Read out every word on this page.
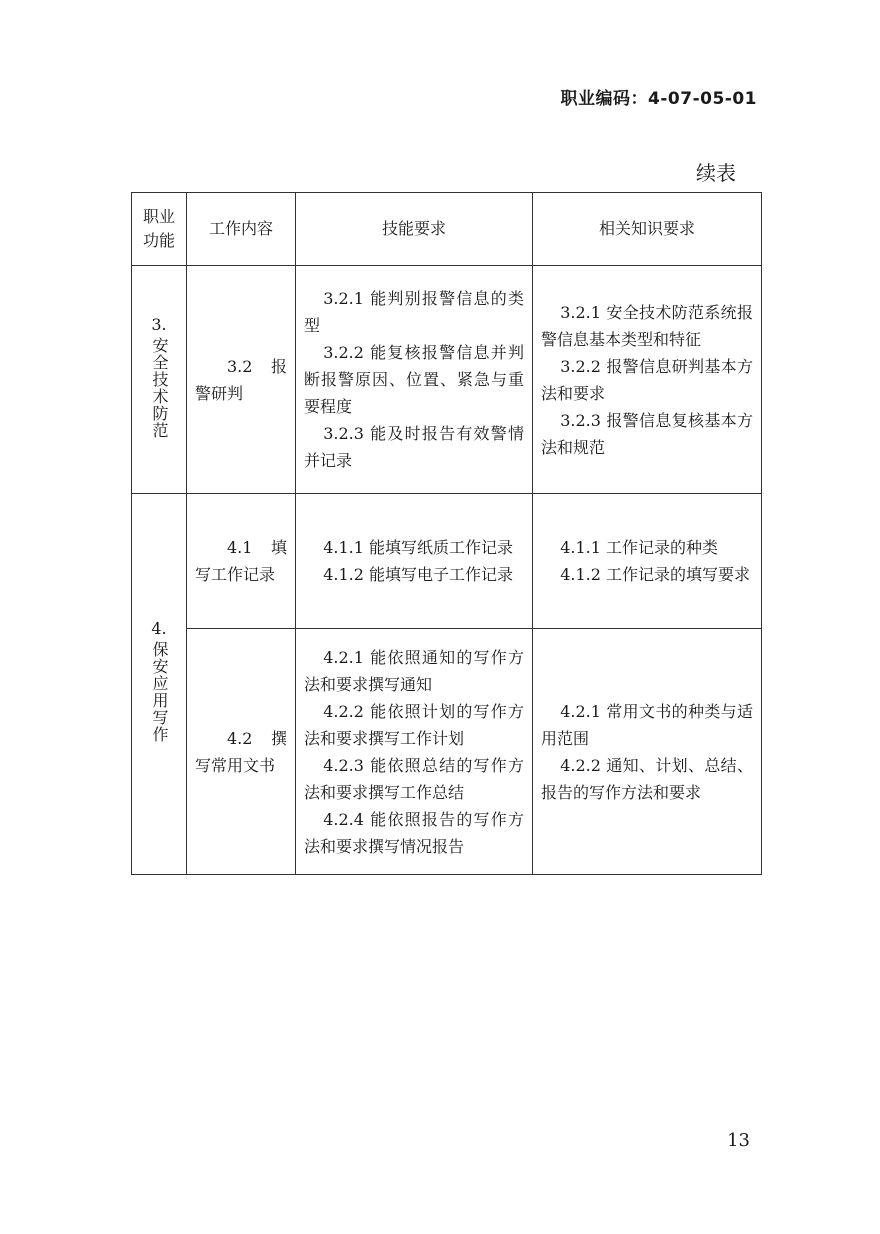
职业编码：4-07-05-01
续表
职业
功能	工作内容	技能要求	相关知识要求

3.
安全技术防范	3.2 报警研判	3.2.1 能判别报警信息的类型
3.2.2 能复核报警信息并判断报警原因、位置、紧急与重要程度
3.2.3 能及时报告有效警情并记录	3.2.1 安全技术防范系统报警信息基本类型和特征
3.2.2 报警信息研判基本方法和要求
3.2.3 报警信息复核基本方法和规范

4.
保安应用写作	4.1 填写工作记录	4.1.1 能填写纸质工作记录
4.1.2 能填写电子工作记录	4.1.1 工作记录的种类
4.1.2 工作记录的填写要求

	4.2 撰写常用文书	4.2.1 能依照通知的写作方法和要求撰写通知
4.2.2 能依照计划的写作方法和要求撰写工作计划
4.2.3 能依照总结的写作方法和要求撰写工作总结
4.2.4 能依照报告的写作方法和要求撰写情况报告	4.2.1 常用文书的种类与适用范围
4.2.2 通知、计划、总结、报告的写作方法和要求
13
